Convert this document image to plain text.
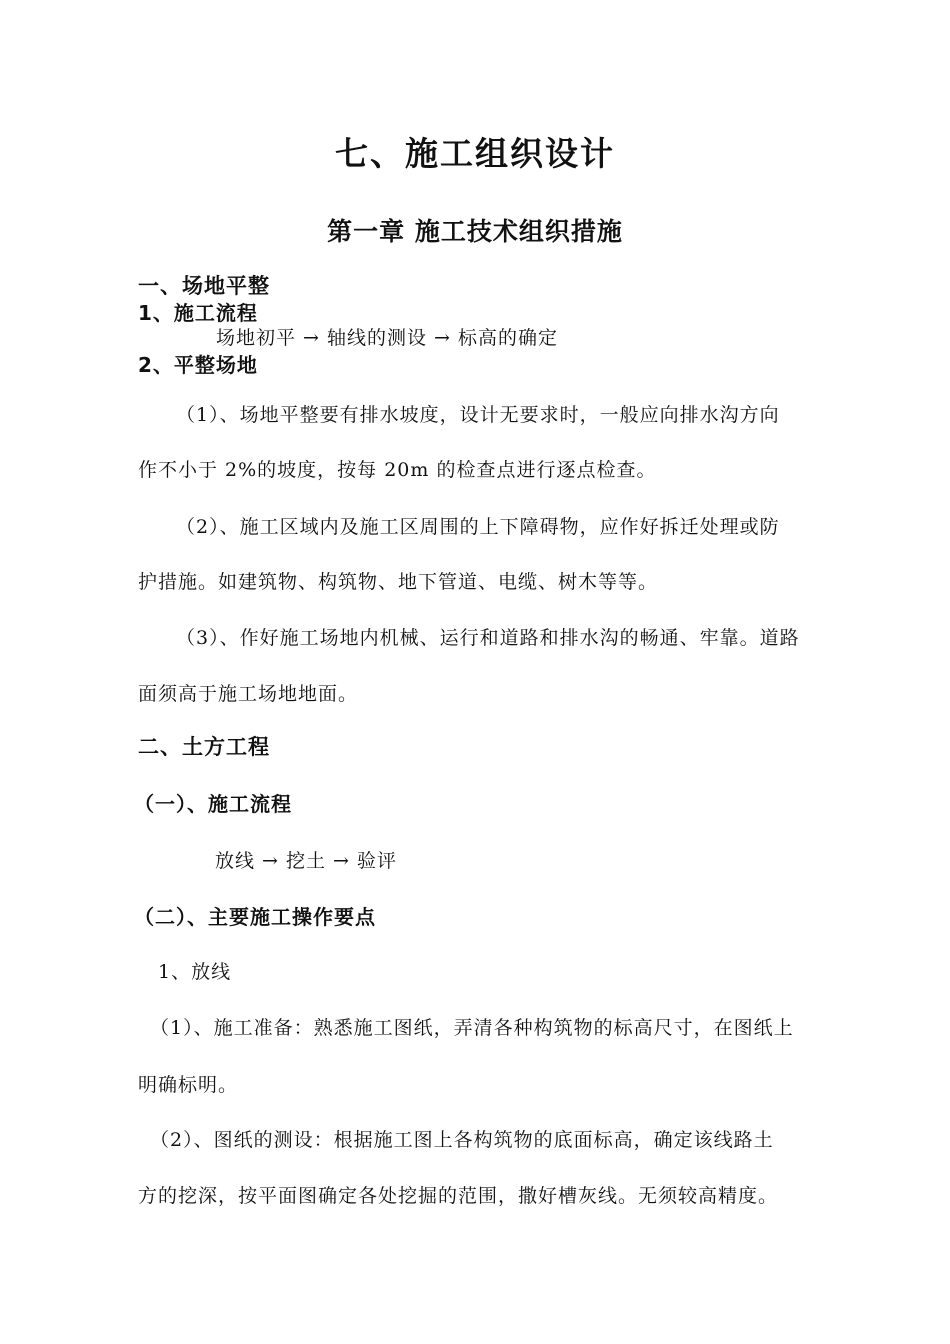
七、施工组织设计
第一章 施工技术组织措施
一、场地平整
1、施工流程
场地初平 → 轴线的测设 → 标高的确定
2、平整场地
（1）、场地平整要有排水坡度，设计无要求时，一般应向排水沟方向
作不小于 2%的坡度，按每 20m 的检查点进行逐点检查。
（2）、施工区域内及施工区周围的上下障碍物，应作好拆迁处理或防
护措施。如建筑物、构筑物、地下管道、电缆、树木等等。
（3）、作好施工场地内机械、运行和道路和排水沟的畅通、牢靠。道路
面须高于施工场地地面。
二、土方工程
（一）、施工流程
放线 → 挖土 → 验评
（二）、主要施工操作要点
1、放线
（1）、施工准备：熟悉施工图纸，弄清各种构筑物的标高尺寸，在图纸上
明确标明。
（2）、图纸的测设：根据施工图上各构筑物的底面标高，确定该线路土
方的挖深，按平面图确定各处挖掘的范围，撒好槽灰线。无须较高精度。
